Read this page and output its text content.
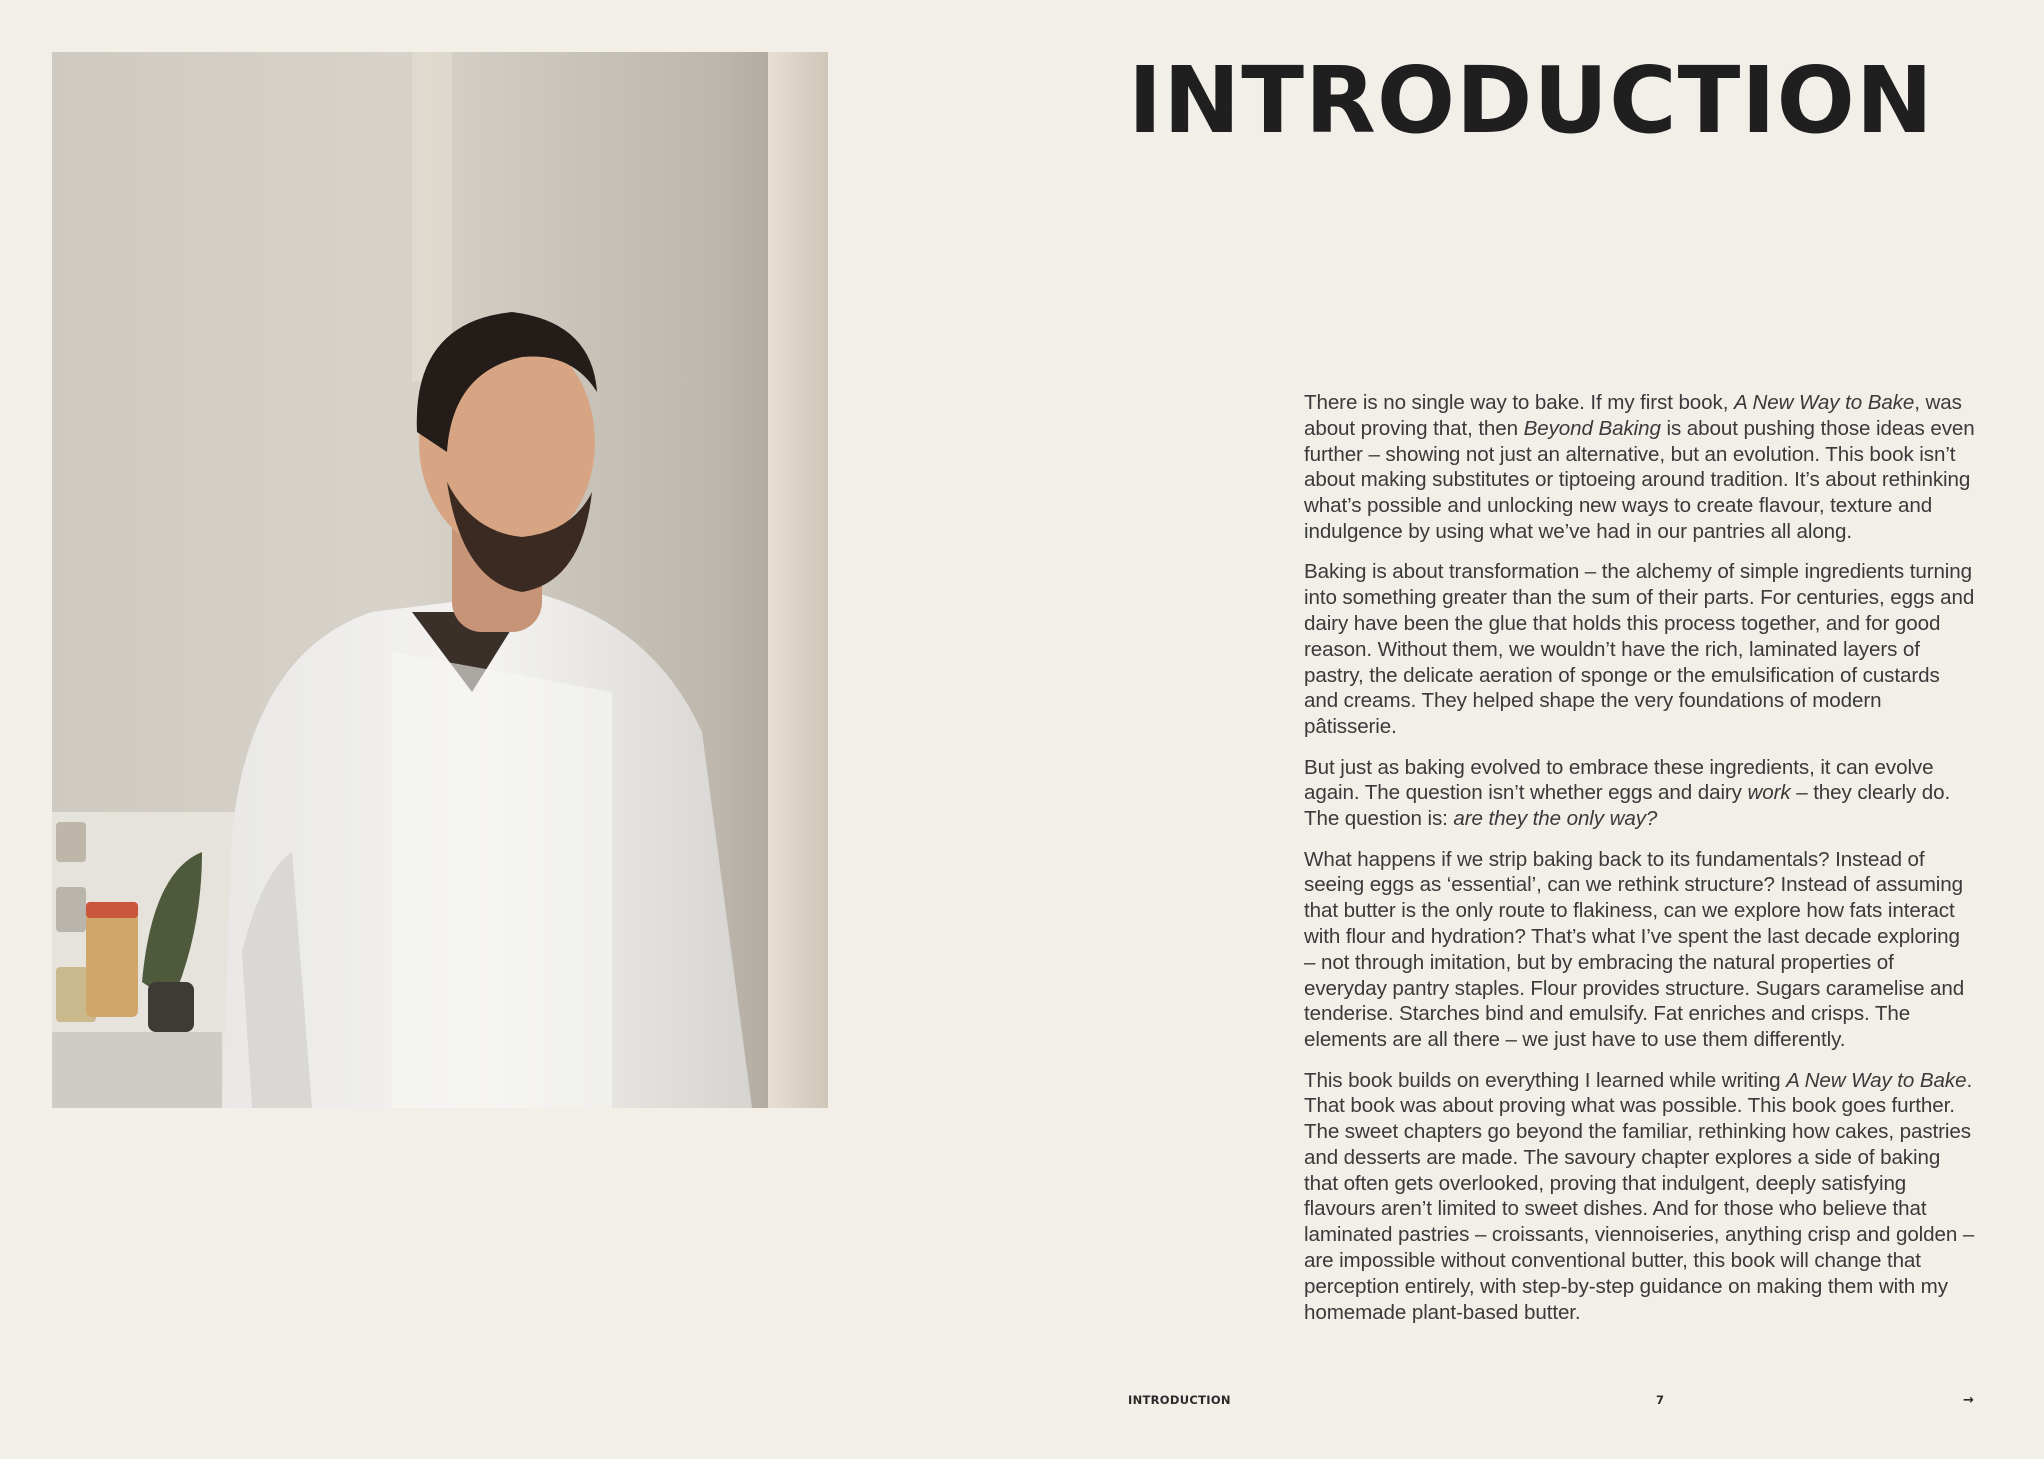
INTRODUCTION

There is no single way to bake. If my first book, A New Way to Bake, was about proving that, then Beyond Baking is about pushing those ideas even further – showing not just an alternative, but an evolution. This book isn’t about making substitutes or tiptoeing around tradition. It’s about rethinking what’s possible and unlocking new ways to create flavour, texture and indulgence by using what we’ve had in our pantries all along.

Baking is about transformation – the alchemy of simple ingredients turning into something greater than the sum of their parts. For centuries, eggs and dairy have been the glue that holds this process together, and for good reason. Without them, we wouldn’t have the rich, laminated layers of pastry, the delicate aeration of sponge or the emulsification of custards and creams. They helped shape the very foundations of modern pâtisserie.

But just as baking evolved to embrace these ingredients, it can evolve again. The question isn’t whether eggs and dairy work – they clearly do. The question is: are they the only way?

What happens if we strip baking back to its fundamentals? Instead of seeing eggs as ‘essential’, can we rethink structure? Instead of assuming that butter is the only route to flakiness, can we explore how fats interact with flour and hydration? That’s what I’ve spent the last decade exploring – not through imitation, but by embracing the natural properties of everyday pantry staples. Flour provides structure. Sugars caramelise and tenderise. Starches bind and emulsify. Fat enriches and crisps. The elements are all there – we just have to use them differently.

This book builds on everything I learned while writing A New Way to Bake. That book was about proving what was possible. This book goes further. The sweet chapters go beyond the familiar, rethinking how cakes, pastries and desserts are made. The savoury chapter explores a side of baking that often gets overlooked, proving that indulgent, deeply satisfying flavours aren’t limited to sweet dishes. And for those who believe that laminated pastries – croissants, viennoiseries, anything crisp and golden – are impossible without conventional butter, this book will change that perception entirely, with step-by-step guidance on making them with my homemade plant-based butter.

INTRODUCTION	7	→
